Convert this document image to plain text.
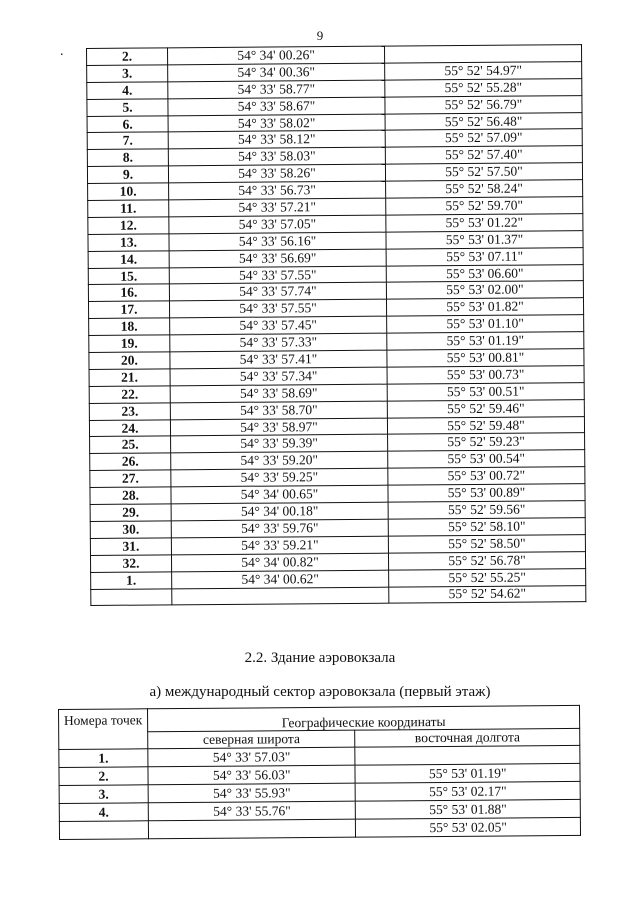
9
.	2.	54° 34' 00.26"	
3.	54° 34' 00.36"	55° 52' 54.97"
4.	54° 33' 58.77"	55° 52' 55.28"
5.	54° 33' 58.67"	55° 52' 56.79"
6.	54° 33' 58.02"	55° 52' 56.48"
7.	54° 33' 58.12"	55° 52' 57.09"
8.	54° 33' 58.03"	55° 52' 57.40"
9.	54° 33' 58.26"	55° 52' 57.50"
10.	54° 33' 56.73"	55° 52' 58.24"
11.	54° 33' 57.21"	55° 52' 59.70"
12.	54° 33' 57.05"	55° 53' 01.22"
13.	54° 33' 56.16"	55° 53' 01.37"
14.	54° 33' 56.69"	55° 53' 07.11"
15.	54° 33' 57.55"	55° 53' 06.60"
16.	54° 33' 57.74"	55° 53' 02.00"
17.	54° 33' 57.55"	55° 53' 01.82"
18.	54° 33' 57.45"	55° 53' 01.10"
19.	54° 33' 57.33"	55° 53' 01.19"
20.	54° 33' 57.41"	55° 53' 00.81"
21.	54° 33' 57.34"	55° 53' 00.73"
22.	54° 33' 58.69"	55° 53' 00.51"
23.	54° 33' 58.70"	55° 52' 59.46"
24.	54° 33' 58.97"	55° 52' 59.48"
25.	54° 33' 59.39"	55° 52' 59.23"
26.	54° 33' 59.20"	55° 53' 00.54"
27.	54° 33' 59.25"	55° 53' 00.72"
28.	54° 34' 00.65"	55° 53' 00.89"
29.	54° 34' 00.18"	55° 52' 59.56"
30.	54° 33' 59.76"	55° 52' 58.10"
31.	54° 33' 59.21"	55° 52' 58.50"
32.	54° 34' 00.82"	55° 52' 56.78"
1.	54° 34' 00.62"	55° 52' 55.25"
		55° 52' 54.62"
2.2. Здание аэровокзала
а) международный сектор аэровокзала (первый этаж)
Номера точек	Географические координаты	
	северная широта	восточная долгота
1.	54° 33' 57.03"	
2.	54° 33' 56.03"	55° 53' 01.19"
3.	54° 33' 55.93"	55° 53' 02.17"
4.	54° 33' 55.76"	55° 53' 01.88"
		55° 53' 02.05"
